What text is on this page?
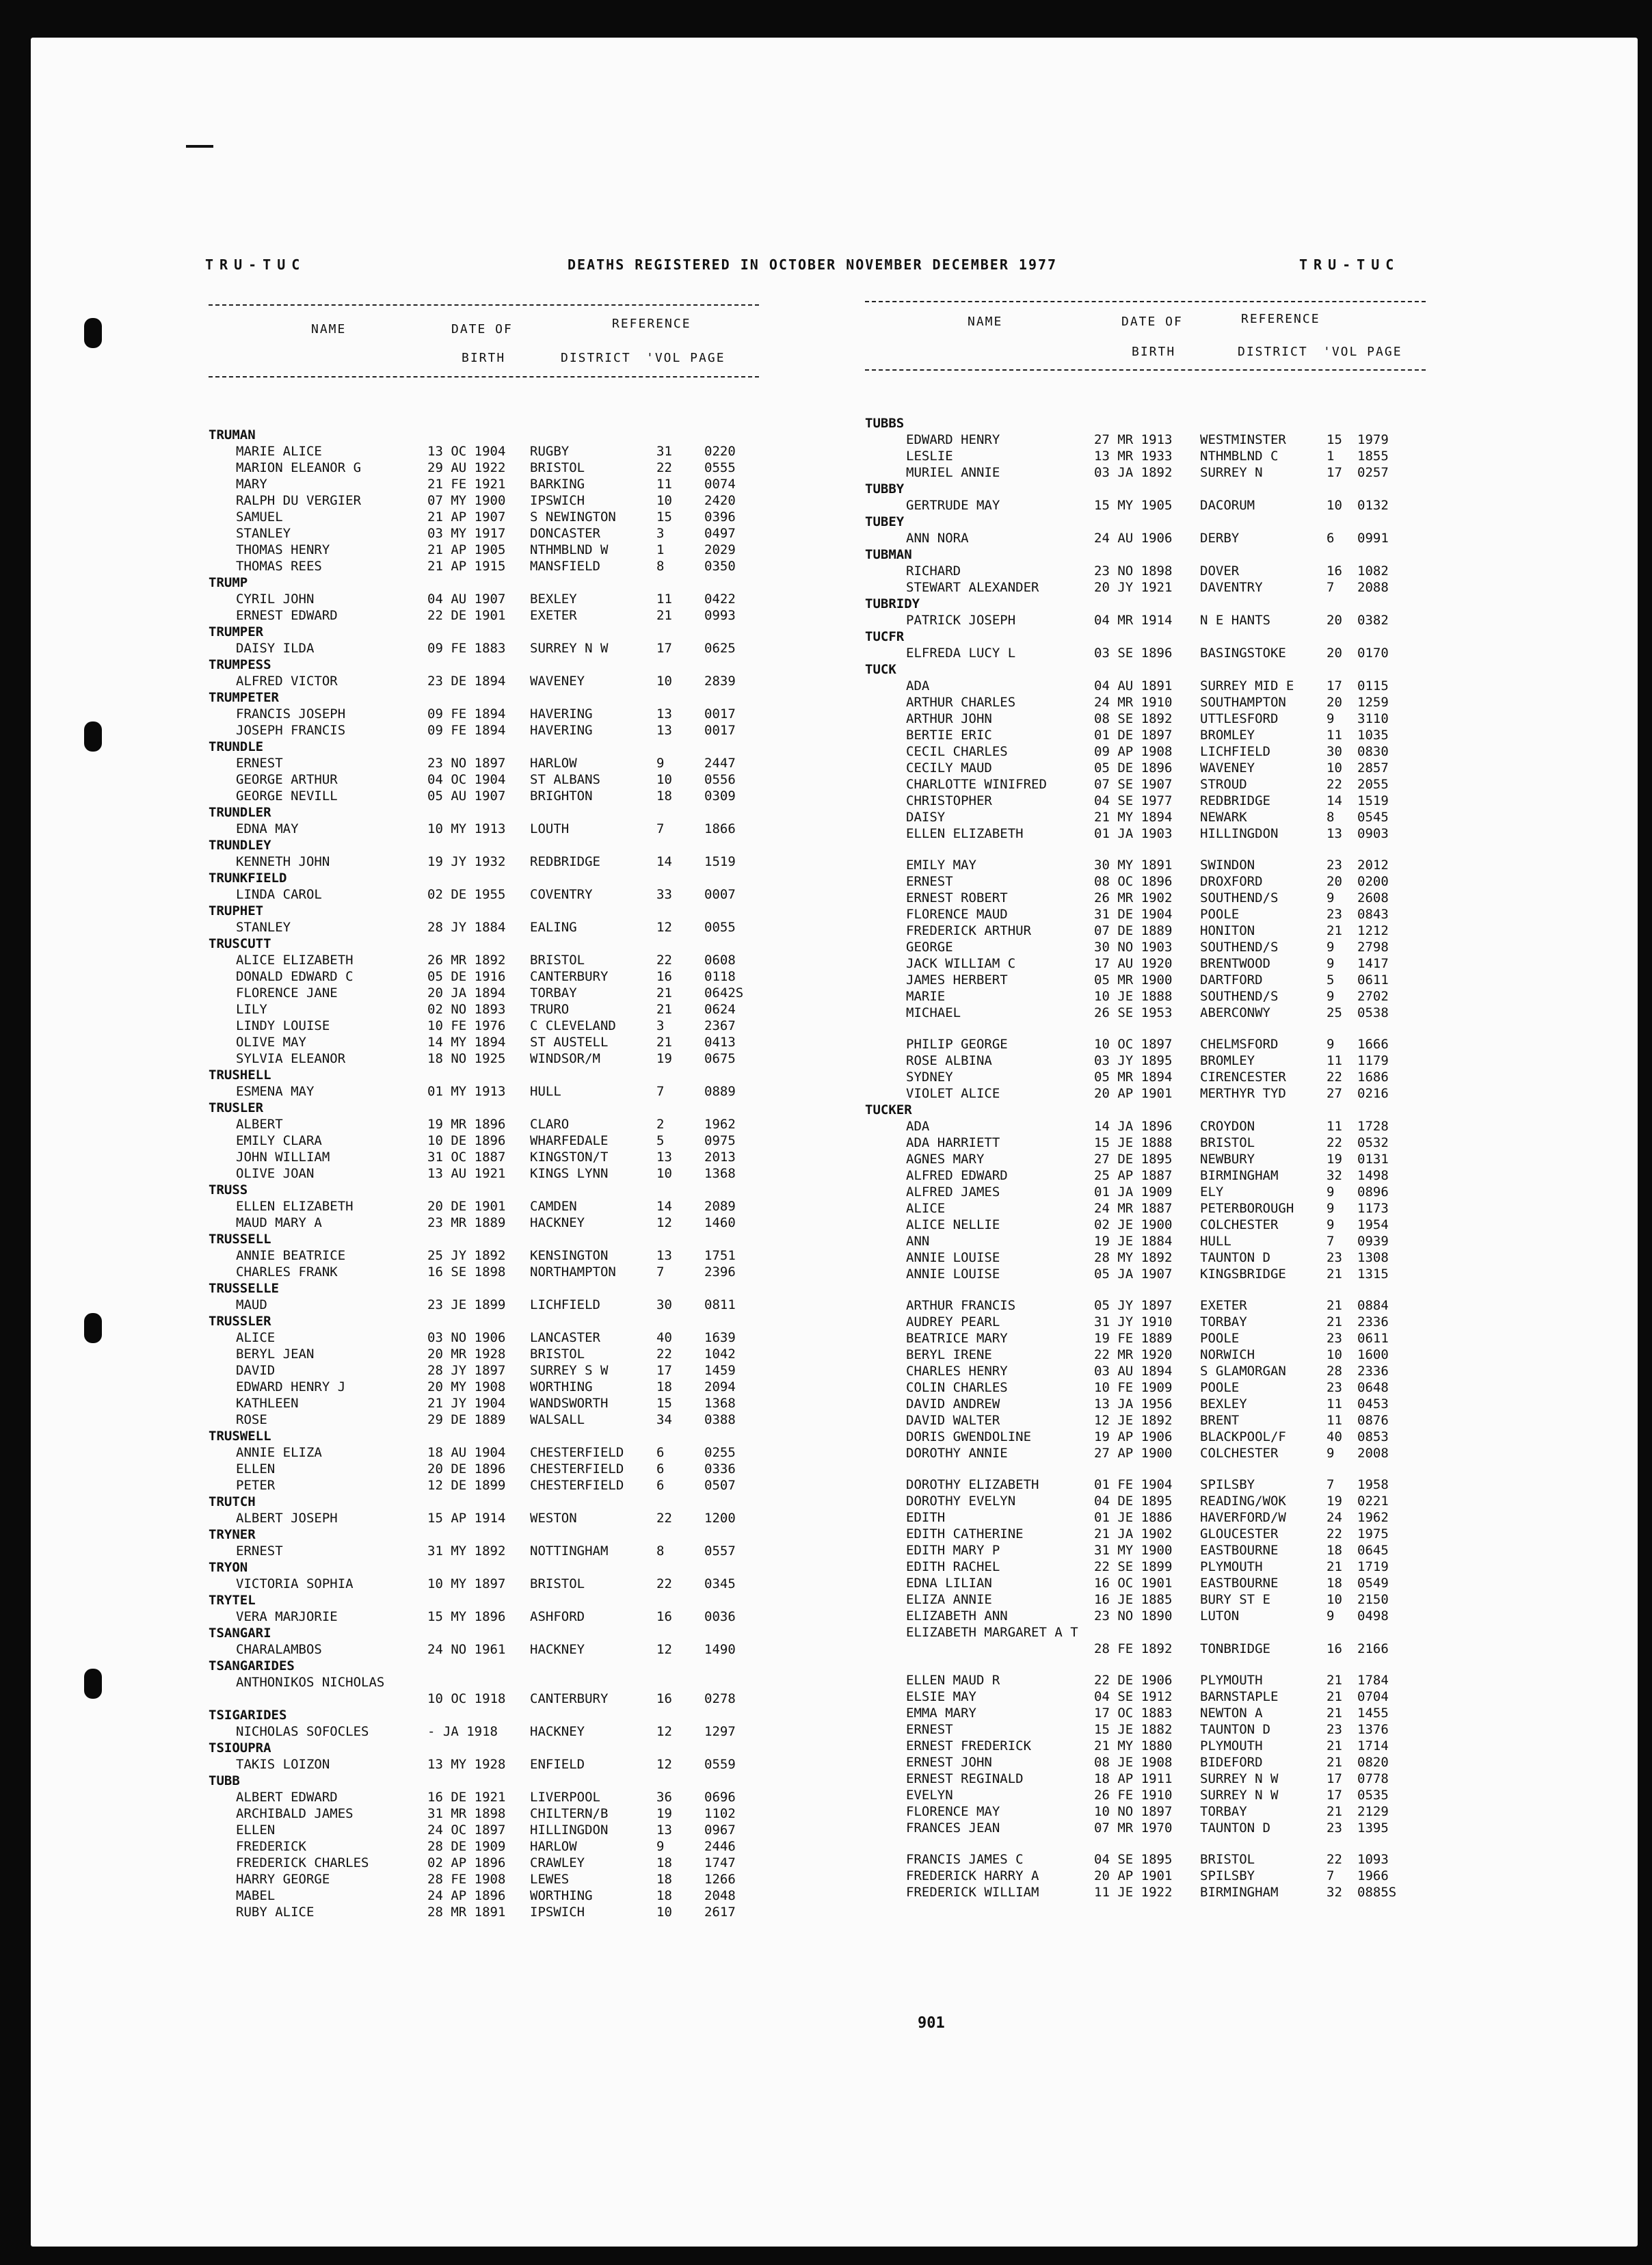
TRU-TUC	DEATHS REGISTERED IN OCTOBER NOVEMBER DECEMBER 1977	TRU-TUC
NAME	DATE OF	REFERENCE
BIRTH	DISTRICT 'VOL PAGE
TRUMAN
MARIE ALICE	13 OC 1904 RUGBY	31 0220
MARION ELEANOR G	29 AU 1922 BRISTOL	22 0555
MARY	21 FE 1921 BARKING	11 0074
RALPH DU VERGIER	07 MY 1900 IPSWICH	10 2420
SAMUEL	21 AP 1907 S NEWINGTON	15 0396
STANLEY	03 MY 1917 DONCASTER	3	0497
THOMAS HENRY	21 AP 1905 NTHMBLND W	1	2029
THOMAS REES	21 AP 1915 MANSFIELD	8	0350
TRUMP
CYRIL JOHN	04 AU 1907 BEXLEY	11 0422
ERNEST EDWARD	22 DE 1901 EXETER	21 0993
TRUMPER
DAISY ILDA	09 FE 1883 SURREY N W	17 0625
TRUMPESS
ALFRED VICTOR	23 DE 1894 WAVENEY	10 2839
TRUMPETER
FRANCIS JOSEPH	09 FE 1894 HAVERING	13 0017
JOSEPH FRANCIS	09 FE 1894 HAVERING	13 0017
TRUNDLE
ERNEST	23 NO 1897 HARLOW	9	2447
GEORGE ARTHUR	04 OC 1904 ST ALBANS	10 0556
GEORGE NEVILL	05 AU 1907 BRIGHTON	18 0309
TRUNDLER
EDNA MAY	10 MY 1913 LOUTH	7	1866
TRUNDLEY
KENNETH JOHN	19 JY 1932 REDBRIDGE	14 1519
TRUNKFIELD
LINDA CAROL	02 DE 1955 COVENTRY	33 0007
TRUPHET
STANLEY	28 JY 1884 EALING	12 0055
TRUSCUTT
ALICE ELIZABETH	26 MR 1892 BRISTOL	22 0608
DONALD EDWARD C	05 DE 1916 CANTERBURY	16 0118
FLORENCE JANE	20 JA 1894 TORBAY	21 0642S
LILY	02 NO 1893 TRURO	21 0624
LINDY LOUISE	10 FE 1976 C CLEVELAND	3	2367
OLIVE MAY	14 MY 1894 ST AUSTELL	21 0413
SYLVIA ELEANOR	18 NO 1925 WINDSOR/M	19 0675
TRUSHELL
ESMENA MAY	01 MY 1913 HULL	7	0889
TRUSLER
ALBERT	19 MR 1896 CLARO	2	1962
EMILY CLARA	10 DE 1896 WHARFEDALE	5	0975
JOHN WILLIAM	31 OC 1887 KINGSTON/T	13 2013
OLIVE JOAN	13 AU 1921 KINGS LYNN	10 1368
TRUSS
ELLEN ELIZABETH	20 DE 1901 CAMDEN	14 2089
MAUD MARY A	23 MR 1889 HACKNEY	12 1460
TRUSSELL
ANNIE BEATRICE	25 JY 1892 KENSINGTON	13 1751
CHARLES FRANK	16 SE 1898 NORTHAMPTON	7	2396
TRUSSELLE
MAUD	23 JE 1899 LICHFIELD	30 0811
TRUSSLER
ALICE	03 NO 1906 LANCASTER	40 1639
BERYL JEAN	20 MR 1928 BRISTOL	22 1042
DAVID	28 JY 1897 SURREY S W	17 1459
EDWARD HENRY J	20 MY 1908 WORTHING	18 2094
KATHLEEN	21 JY 1904 WANDSWORTH	15 1368
ROSE	29 DE 1889 WALSALL	34 0388
TRUSWELL
ANNIE ELIZA	18 AU 1904 CHESTERFIELD	6	0255
ELLEN	20 DE 1896 CHESTERFIELD	6	0336
PETER	12 DE 1899 CHESTERFIELD	6	0507
TRUTCH
ALBERT JOSEPH	15 AP 1914 WESTON	22 1200
TRYNER
ERNEST	31 MY 1892 NOTTINGHAM	8	0557
TRYON
VICTORIA SOPHIA	10 MY 1897 BRISTOL	22 0345
TRYTEL
VERA MARJORIE	15 MY 1896 ASHFORD	16 0036
TSANGARI
CHARALAMBOS	24 NO 1961 HACKNEY	12 1490
TSANGARIDES
ANTHONIKOS NICHOLAS
10 OC 1918 CANTERBURY	16 0278
TSIGARIDES
NICHOLAS SOFOCLES	- JA 1918 HACKNEY	12 1297
TSIOUPRA
TAKIS LOIZON	13 MY 1928 ENFIELD	12 0559
TUBB
ALBERT EDWARD	16 DE 1921 LIVERPOOL	36 0696
ARCHIBALD JAMES	31 MR 1898 CHILTERN/B	19 1102
ELLEN	24 OC 1897 HILLINGDON	13 0967
FREDERICK	28 DE 1909 HARLOW	9	2446
FREDERICK CHARLES	02 AP 1896 CRAWLEY	18 1747
HARRY GEORGE	28 FE 1908 LEWES	18 1266
MABEL	24 AP 1896 WORTHING	18 2048
RUBY ALICE	28 MR 1891 IPSWICH	10 2617
NAME	DATE OF	REFERENCE
BIRTH	DISTRICT 'VOL PAGE
TUBBS
EDWARD HENRY	27 MR 1913 WESTMINSTER	15 1979
LESLIE	13 MR 1933 NTHMBLND C	1 1855
MURIEL ANNIE	03 JA 1892 SURREY N	17 0257
TUBBY
GERTRUDE MAY	15 MY 1905 DACORUM	10 0132
TUBEY
ANN NORA	24 AU 1906 DERBY	6 0991
TUBMAN
RICHARD	23 NO 1898 DOVER	16 1082
STEWART ALEXANDER	20 JY 1921 DAVENTRY	7 2088
TUBRIDY
PATRICK JOSEPH	04 MR 1914 N E HANTS	20 0382
TUCFR
ELFREDA LUCY L	03 SE 1896 BASINGSTOKE	20 0170
TUCK
ADA	04 AU 1891 SURREY MID E	17 0115
ARTHUR CHARLES	24 MR 1910 SOUTHAMPTON	20 1259
ARTHUR JOHN	08 SE 1892 UTTLESFORD	9 3110
BERTIE ERIC	01 DE 1897 BROMLEY	11 1035
CECIL CHARLES	09 AP 1908 LICHFIELD	30 0830
CECILY MAUD	05 DE 1896 WAVENEY	10 2857
CHARLOTTE WINIFRED	07 SE 1907 STROUD	22 2055
CHRISTOPHER	04 SE 1977 REDBRIDGE	14 1519
DAISY	21 MY 1894 NEWARK	8 0545
ELLEN ELIZABETH	01 JA 1903 HILLINGDON	13 0903
EMILY MAY	30 MY 1891 SWINDON	23 2012
ERNEST	08 OC 1896 DROXFORD	20 0200
ERNEST ROBERT	26 MR 1902 SOUTHEND/S	9 2608
FLORENCE MAUD	31 DE 1904 POOLE	23 0843
FREDERICK ARTHUR	07 DE 1889 HONITON	21 1212
GEORGE	30 NO 1903 SOUTHEND/S	9 2798
JACK WILLIAM C	17 AU 1920 BRENTWOOD	9 1417
JAMES HERBERT	05 MR 1900 DARTFORD	5 0611
MARIE	10 JE 1888 SOUTHEND/S	9 2702
MICHAEL	26 SE 1953 ABERCONWY	25 0538
PHILIP GEORGE	10 OC 1897 CHELMSFORD	9 1666
ROSE ALBINA	03 JY 1895 BROMLEY	11 1179
SYDNEY	05 MR 1894 CIRENCESTER	22 1686
VIOLET ALICE	20 AP 1901 MERTHYR TYD	27 0216
TUCKER
ADA	14 JA 1896 CROYDON	11 1728
ADA HARRIETT	15 JE 1888 BRISTOL	22 0532
AGNES MARY	27 DE 1895 NEWBURY	19 0131
ALFRED EDWARD	25 AP 1887 BIRMINGHAM	32 1498
ALFRED JAMES	01 JA 1909 ELY	9 0896
ALICE	24 MR 1887 PETERBOROUGH	9 1173
ALICE NELLIE	02 JE 1900 COLCHESTER	9 1954
ANN	19 JE 1884 HULL	7 0939
ANNIE LOUISE	28 MY 1892 TAUNTON D	23 1308
ANNIE LOUISE	05 JA 1907 KINGSBRIDGE	21 1315
ARTHUR FRANCIS	05 JY 1897 EXETER	21 0884
AUDREY PEARL	31 JY 1910 TORBAY	21 2336
BEATRICE MARY	19 FE 1889 POOLE	23 0611
BERYL IRENE	22 MR 1920 NORWICH	10 1600
CHARLES HENRY	03 AU 1894 S GLAMORGAN	28 2336
COLIN CHARLES	10 FE 1909 POOLE	23 0648
DAVID ANDREW	13 JA 1956 BEXLEY	11 0453
DAVID WALTER	12 JE 1892 BRENT	11 0876
DORIS GWENDOLINE	19 AP 1906 BLACKPOOL/F	40 0853
DOROTHY ANNIE	27 AP 1900 COLCHESTER	9 2008
DOROTHY ELIZABETH	01 FE 1904 SPILSBY	7 1958
DOROTHY EVELYN	04 DE 1895 READING/WOK	19 0221
EDITH	01 JE 1886 HAVERFORD/W	24 1962
EDITH CATHERINE	21 JA 1902 GLOUCESTER	22 1975
EDITH MARY P	31 MY 1900 EASTBOURNE	18 0645
EDITH RACHEL	22 SE 1899 PLYMOUTH	21 1719
EDNA LILIAN	16 OC 1901 EASTBOURNE	18 0549
ELIZA ANNIE	16 JE 1885 BURY ST E	10 2150
ELIZABETH ANN	23 NO 1890 LUTON	9 0498
ELIZABETH MARGARET A T
28 FE 1892 TONBRIDGE	16 2166
ELLEN MAUD R	22 DE 1906 PLYMOUTH	21 1784
ELSIE MAY	04 SE 1912 BARNSTAPLE	21 0704
EMMA MARY	17 OC 1883 NEWTON A	21 1455
ERNEST	15 JE 1882 TAUNTON D	23 1376
ERNEST FREDERICK	21 MY 1880 PLYMOUTH	21 1714
ERNEST JOHN	08 JE 1908 BIDEFORD	21 0820
ERNEST REGINALD	18 AP 1911 SURREY N W	17 0778
EVELYN	26 FE 1910 SURREY N W	17 0535
FLORENCE MAY	10 NO 1897 TORBAY	21 2129
FRANCES JEAN	07 MR 1970 TAUNTON D	23 1395
FRANCIS JAMES C	04 SE 1895 BRISTOL	22 1093
FREDERICK HARRY A	20 AP 1901 SPILSBY	7 1966
FREDERICK WILLIAM	11 JE 1922 BIRMINGHAM	32 0885S
901
